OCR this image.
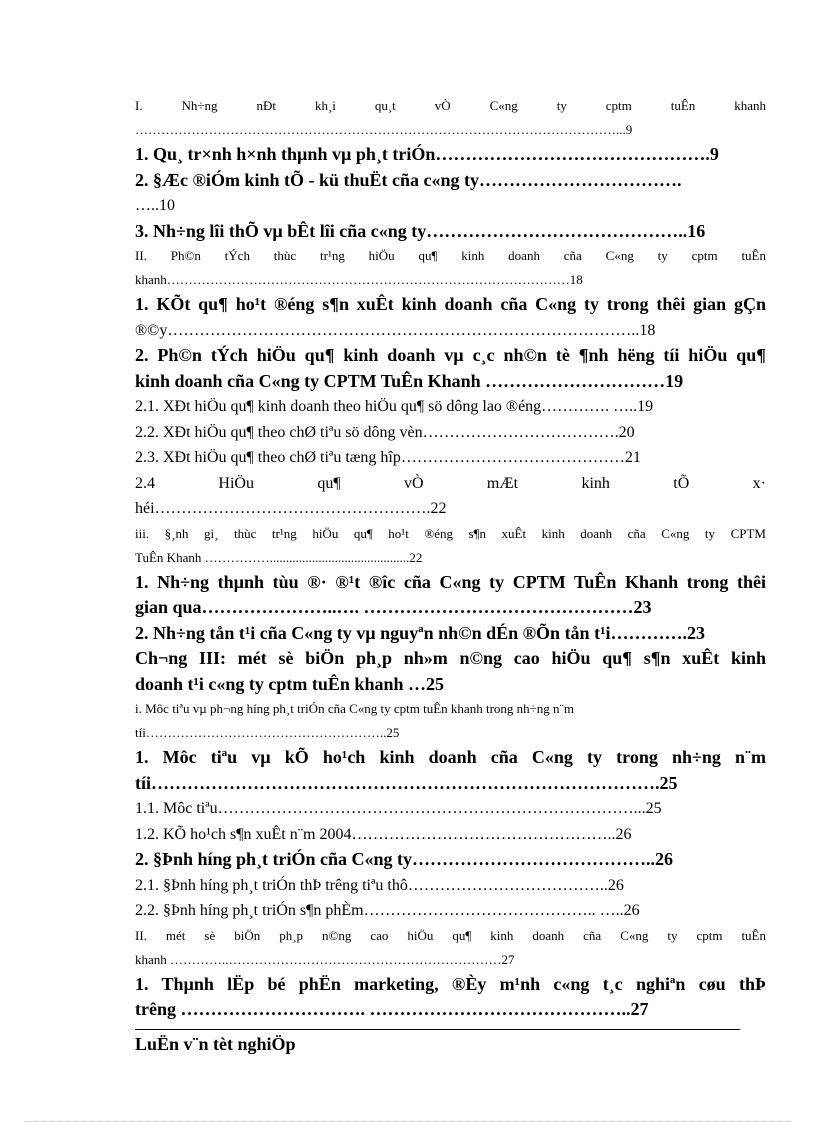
I. Nh÷ng nÐt kh¸i qu¸t vÒ C«ng ty cptm tuÊn khanh
…………………………………………………………………………………………………...9
1. Qu¸ tr×nh h×nh thµnh vµ ph¸t triÓn……………………………………….9
2. §Æc ®iÓm kinh tÕ - kü thuËt cña c«ng ty…………………………….
…..10
3. Nh÷ng lîi thÕ vµ bÊt lîi cña c«ng ty……………………………………..16
II. Ph©n tÝch thùc tr¹ng hiÖu qu¶ kinh doanh cña C«ng ty cptm tuÊn
khanh…………………………………………………………………………………18
1. KÕt qu¶ ho¹t ®éng s¶n xuÊt kinh doanh cña C«ng ty trong thêi gian gÇn
®©y……………………………………………………………………………..18
2. Ph©n tÝch hiÖu qu¶ kinh doanh vµ c¸c nh©n tè ¶nh hëng tíi hiÖu qu¶
kinh doanh cña C«ng ty CPTM TuÊn Khanh …………………………19
2.1. XÐt hiÖu qu¶ kinh doanh theo hiÖu qu¶ sö dông lao ®éng…………. …..19
2.2. XÐt hiÖu qu¶ theo chØ tiªu sö dông vèn……………………………….20
2.3. XÐt hiÖu qu¶ theo chØ tiªu tæng hîp……………………………………21
2.4 HiÖu qu¶ vÒ mÆt kinh tÕ x·
héi…………………………………………….22
iii. §¸nh gi¸ thùc tr¹ng hiÖu qu¶ ho¹t ®éng s¶n xuÊt kinh doanh cña C«ng ty CPTM
TuÊn Khanh ……………...........................................22
1. Nh÷ng thµnh tùu ®· ®¹t ®îc cña C«ng ty CPTM TuÊn Khanh trong thêi
gian qua…………………..…. ………………………………………23
2. Nh÷ng tån t¹i cña C«ng ty vµ nguyªn nh©n dÉn ®Õn tån t¹i………….23
Ch¬ng III: mét sè biÖn ph¸p nh»m n©ng cao hiÖu qu¶ s¶n xuÊt kinh
doanh t¹i c«ng ty cptm tuÊn khanh …25
i. Môc tiªu vµ ph¬ng híng ph¸t triÓn cña C«ng ty cptm tuÊn khanh trong nh÷ng n¨m
tíi………………………………………………..25
1. Môc tiªu vµ kÕ ho¹ch kinh doanh cña C«ng ty trong nh÷ng n¨m
tíi………………………………………………………………………….25
1.1. Môc tiªu……………………………………………………………………...25
1.2. KÕ ho¹ch s¶n xuÊt n¨m 2004…………………………………………..26
2. §Þnh híng ph¸t triÓn cña C«ng ty…………………………………..26
2.1. §Þnh híng ph¸t triÓn thÞ trêng tiªu thô………………………………..26
2.2. §Þnh híng ph¸t triÓn s¶n phÈm…………………………………….. …..26
II. mét sè biÖn ph¸p n©ng cao hiÖu qu¶ kinh doanh cña C«ng ty cptm tuÊn
khanh …………..………………………………………………………27
1. Thµnh lËp bé phËn marketing, ®Èy m¹nh c«ng t¸c nghiªn cøu thÞ
trêng …………………………. ……………………………………..27
LuËn v¨n tèt nghiÖp
